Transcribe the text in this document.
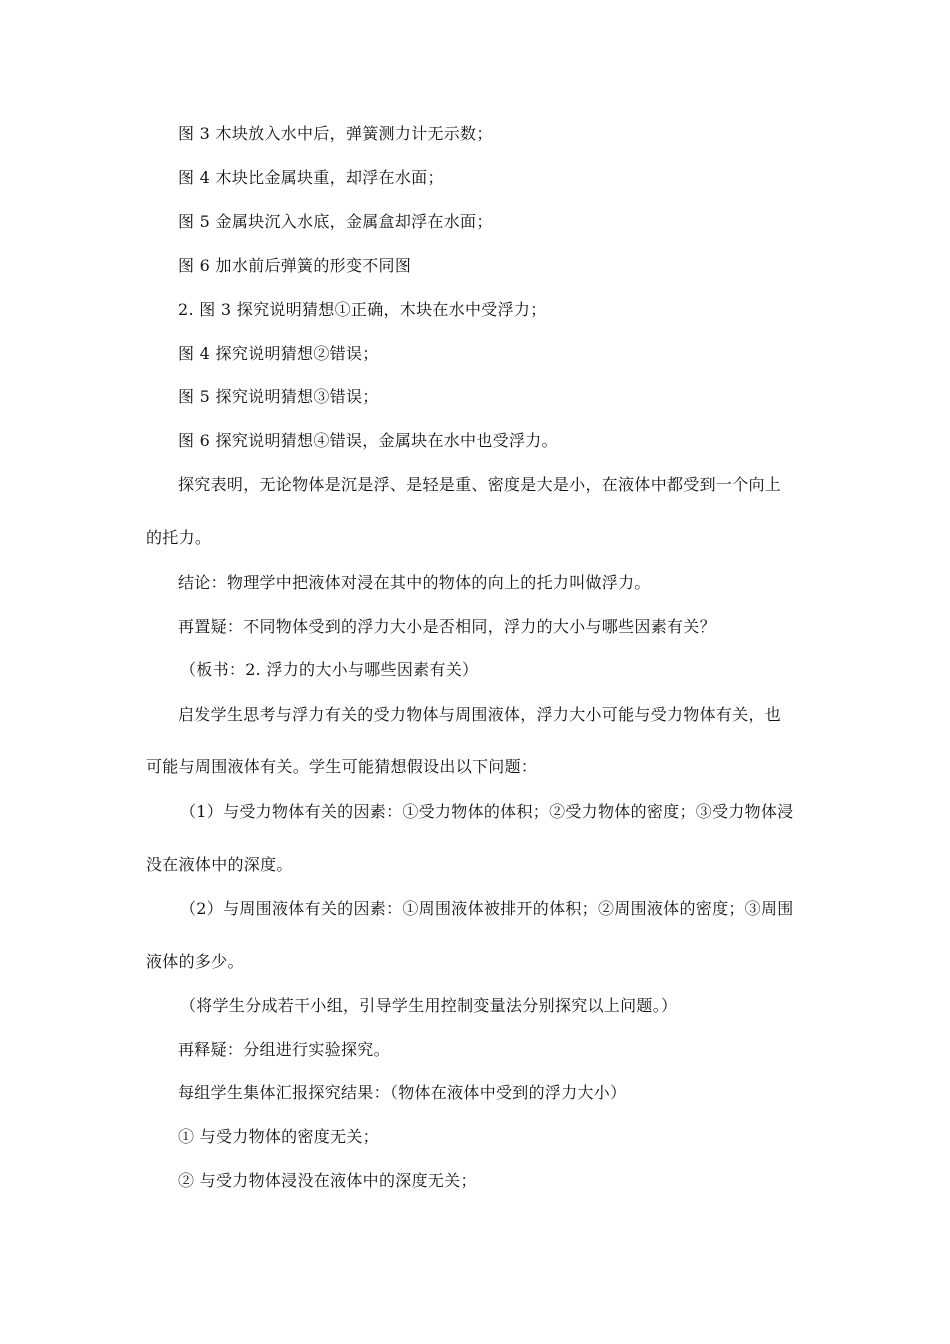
图 3 木块放入水中后，弹簧测力计无示数；
图 4 木块比金属块重，却浮在水面；
图 5 金属块沉入水底，金属盒却浮在水面；
图 6 加水前后弹簧的形变不同图
2. 图 3 探究说明猜想①正确，木块在水中受浮力；
图 4 探究说明猜想②错误；
图 5 探究说明猜想③错误；
图 6 探究说明猜想④错误，金属块在水中也受浮力。
探究表明，无论物体是沉是浮、是轻是重、密度是大是小，在液体中都受到一个向上
的托力。
结论：物理学中把液体对浸在其中的物体的向上的托力叫做浮力。
再置疑：不同物体受到的浮力大小是否相同，浮力的大小与哪些因素有关？
（板书：2. 浮力的大小与哪些因素有关）
启发学生思考与浮力有关的受力物体与周围液体，浮力大小可能与受力物体有关，也
可能与周围液体有关。学生可能猜想假设出以下问题：
（1）与受力物体有关的因素：①受力物体的体积；②受力物体的密度；③受力物体浸
没在液体中的深度。
（2）与周围液体有关的因素：①周围液体被排开的体积；②周围液体的密度；③周围
液体的多少。
（将学生分成若干小组，引导学生用控制变量法分别探究以上问题。）
再释疑：分组进行实验探究。
每组学生集体汇报探究结果：（物体在液体中受到的浮力大小）
① 与受力物体的密度无关；
② 与受力物体浸没在液体中的深度无关；
